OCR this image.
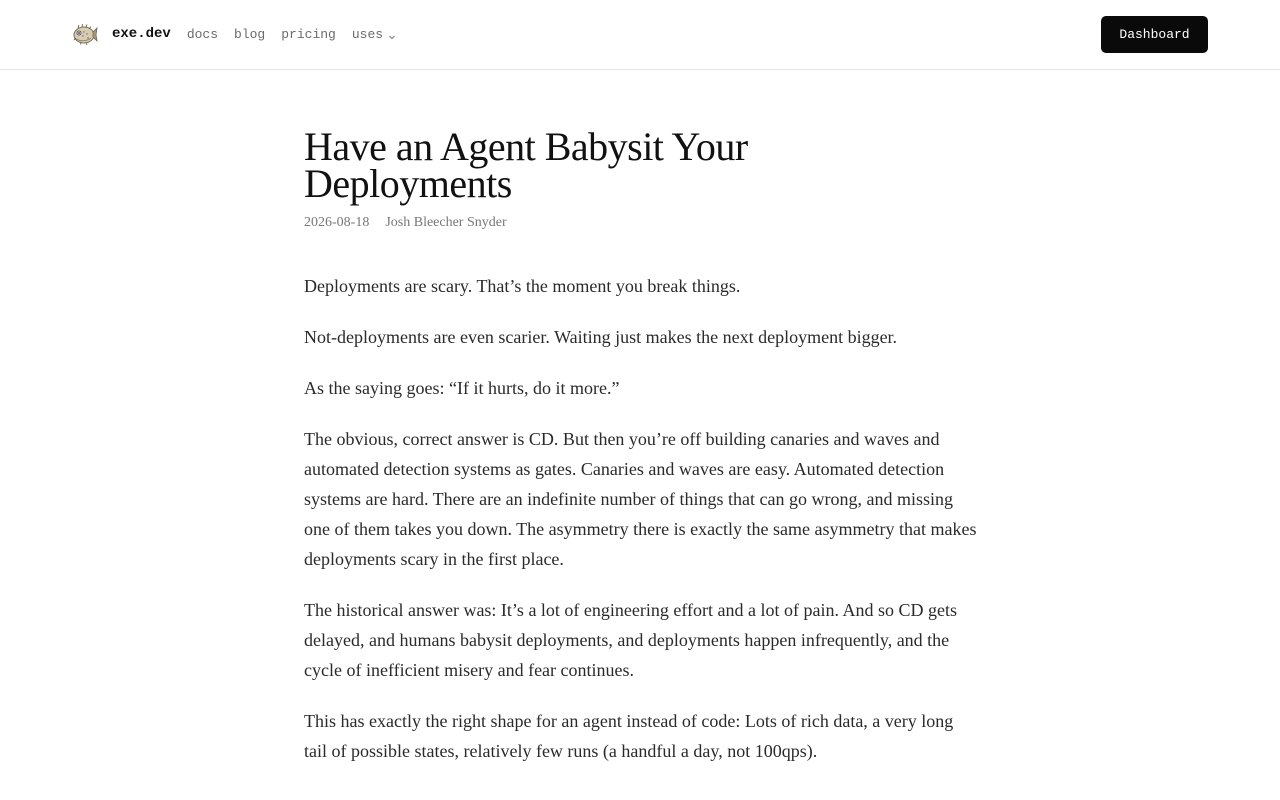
exe.dev docs blog pricing uses	Dashboard
Have an Agent Babysit Your Deployments
2026-08-18 Josh Bleecher Snyder

Deployments are scary. That’s the moment you break things.

Not-deployments are even scarier. Waiting just makes the next deployment bigger.

As the saying goes: “If it hurts, do it more.”

The obvious, correct answer is CD. But then you’re off building canaries and waves and automated detection systems as gates. Canaries and waves are easy. Automated detection systems are hard. There are an indefinite number of things that can go wrong, and missing one of them takes you down. The asymmetry there is exactly the same asymmetry that makes deployments scary in the first place.

The historical answer was: It’s a lot of engineering effort and a lot of pain. And so CD gets delayed, and humans babysit deployments, and deployments happen infrequently, and the cycle of inefficient misery and fear continues.

This has exactly the right shape for an agent instead of code: Lots of rich data, a very long tail of possible states, relatively few runs (a handful a day, not 100qps).
